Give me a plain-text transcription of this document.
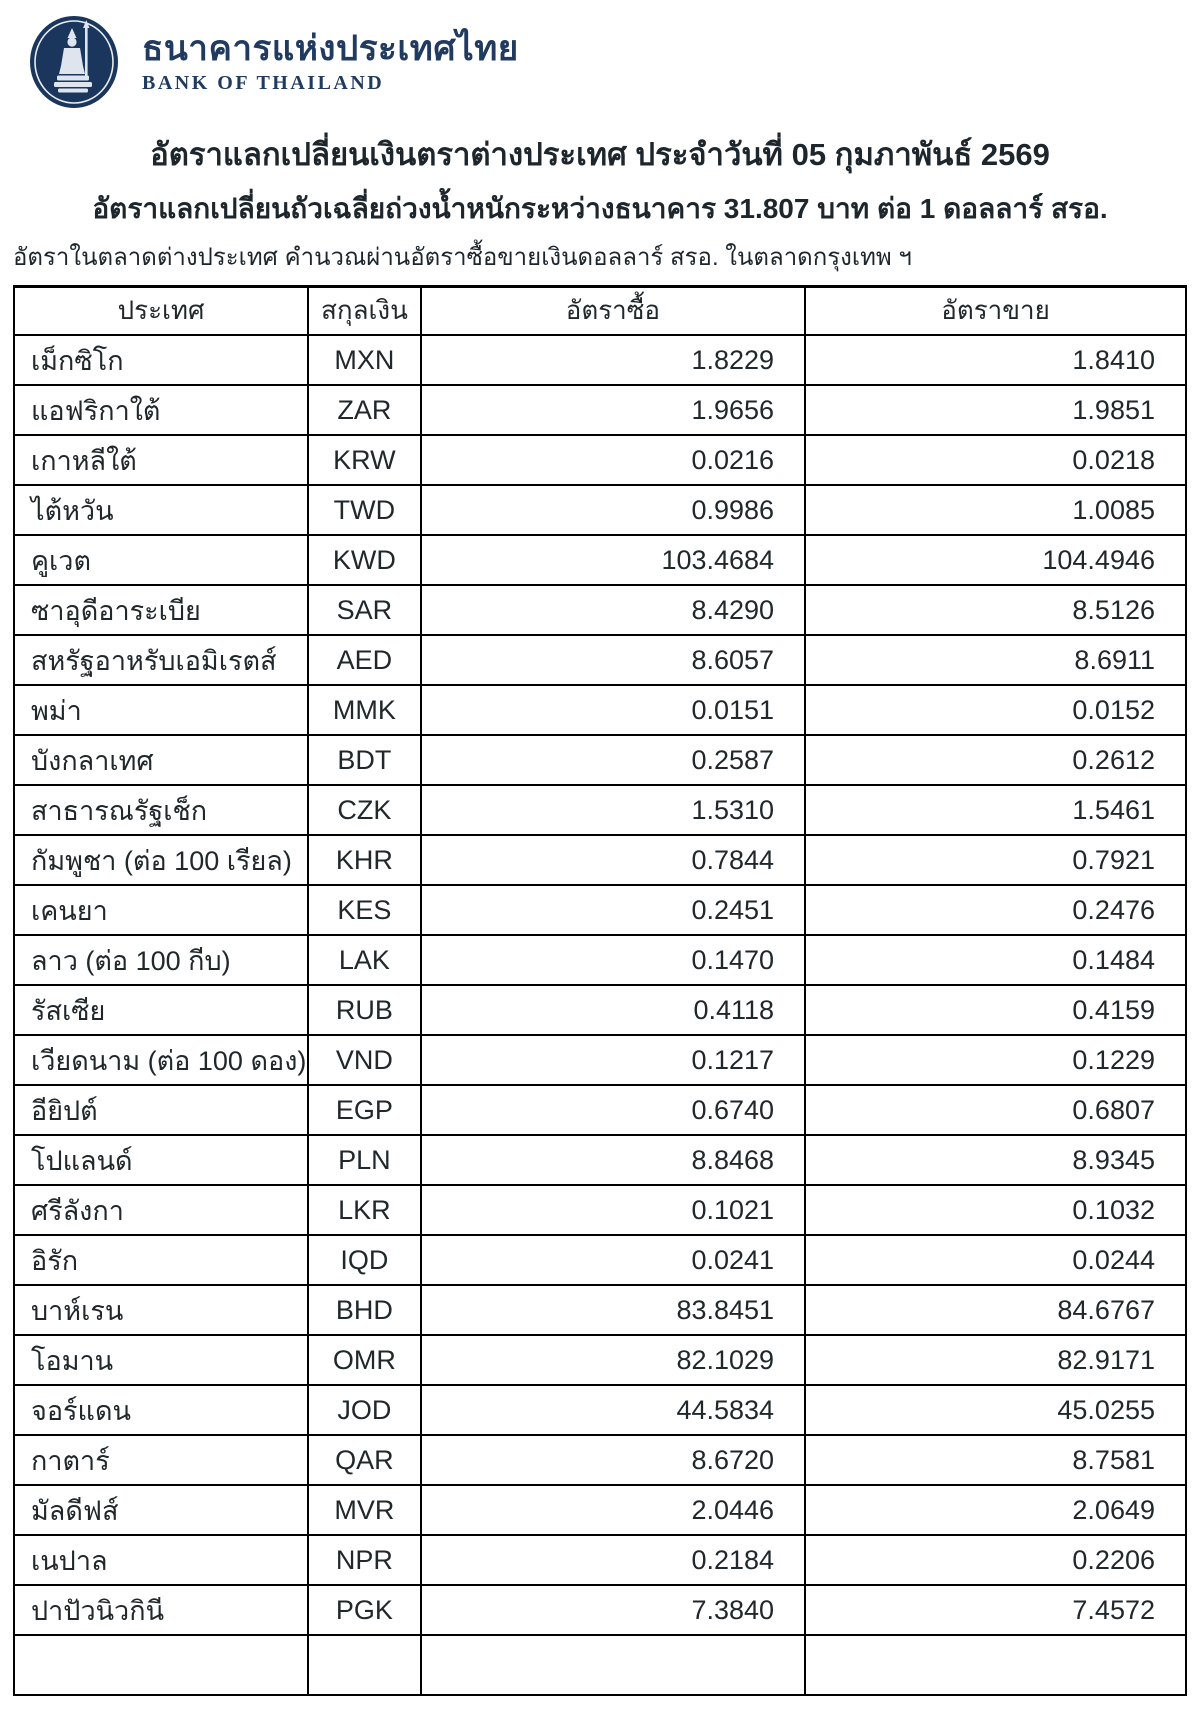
ธนาคารแห่งประเทศไทย
BANK OF THAILAND
อัตราแลกเปลี่ยนเงินตราต่างประเทศ ประจำวันที่ 05 กุมภาพันธ์ 2569
อัตราแลกเปลี่ยนถัวเฉลี่ยถ่วงน้ำหนักระหว่างธนาคาร 31.807 บาท ต่อ 1 ดอลลาร์ สรอ.
อัตราในตลาดต่างประเทศ คำนวณผ่านอัตราซื้อขายเงินดอลลาร์ สรอ. ในตลาดกรุงเทพ ฯ
ประเทศ	สกุลเงิน	อัตราซื้อ	อัตราขาย
เม็กซิโก	MXN	1.8229	1.8410
แอฟริกาใต้	ZAR	1.9656	1.9851
เกาหลีใต้	KRW	0.0216	0.0218
ไต้หวัน	TWD	0.9986	1.0085
คูเวต	KWD	103.4684	104.4946
ซาอุดีอาระเบีย	SAR	8.4290	8.5126
สหรัฐอาหรับเอมิเรตส์	AED	8.6057	8.6911
พม่า	MMK	0.0151	0.0152
บังกลาเทศ	BDT	0.2587	0.2612
สาธารณรัฐเช็ก	CZK	1.5310	1.5461
กัมพูชา (ต่อ 100 เรียล)	KHR	0.7844	0.7921
เคนยา	KES	0.2451	0.2476
ลาว (ต่อ 100 กีบ)	LAK	0.1470	0.1484
รัสเซีย	RUB	0.4118	0.4159
เวียดนาม (ต่อ 100 ดอง)	VND	0.1217	0.1229
อียิปต์	EGP	0.6740	0.6807
โปแลนด์	PLN	8.8468	8.9345
ศรีลังกา	LKR	0.1021	0.1032
อิรัก	IQD	0.0241	0.0244
บาห์เรน	BHD	83.8451	84.6767
โอมาน	OMR	82.1029	82.9171
จอร์แดน	JOD	44.5834	45.0255
กาตาร์	QAR	8.6720	8.7581
มัลดีฟส์	MVR	2.0446	2.0649
เนปาล	NPR	0.2184	0.2206
ปาปัวนิวกินี	PGK	7.3840	7.4572
